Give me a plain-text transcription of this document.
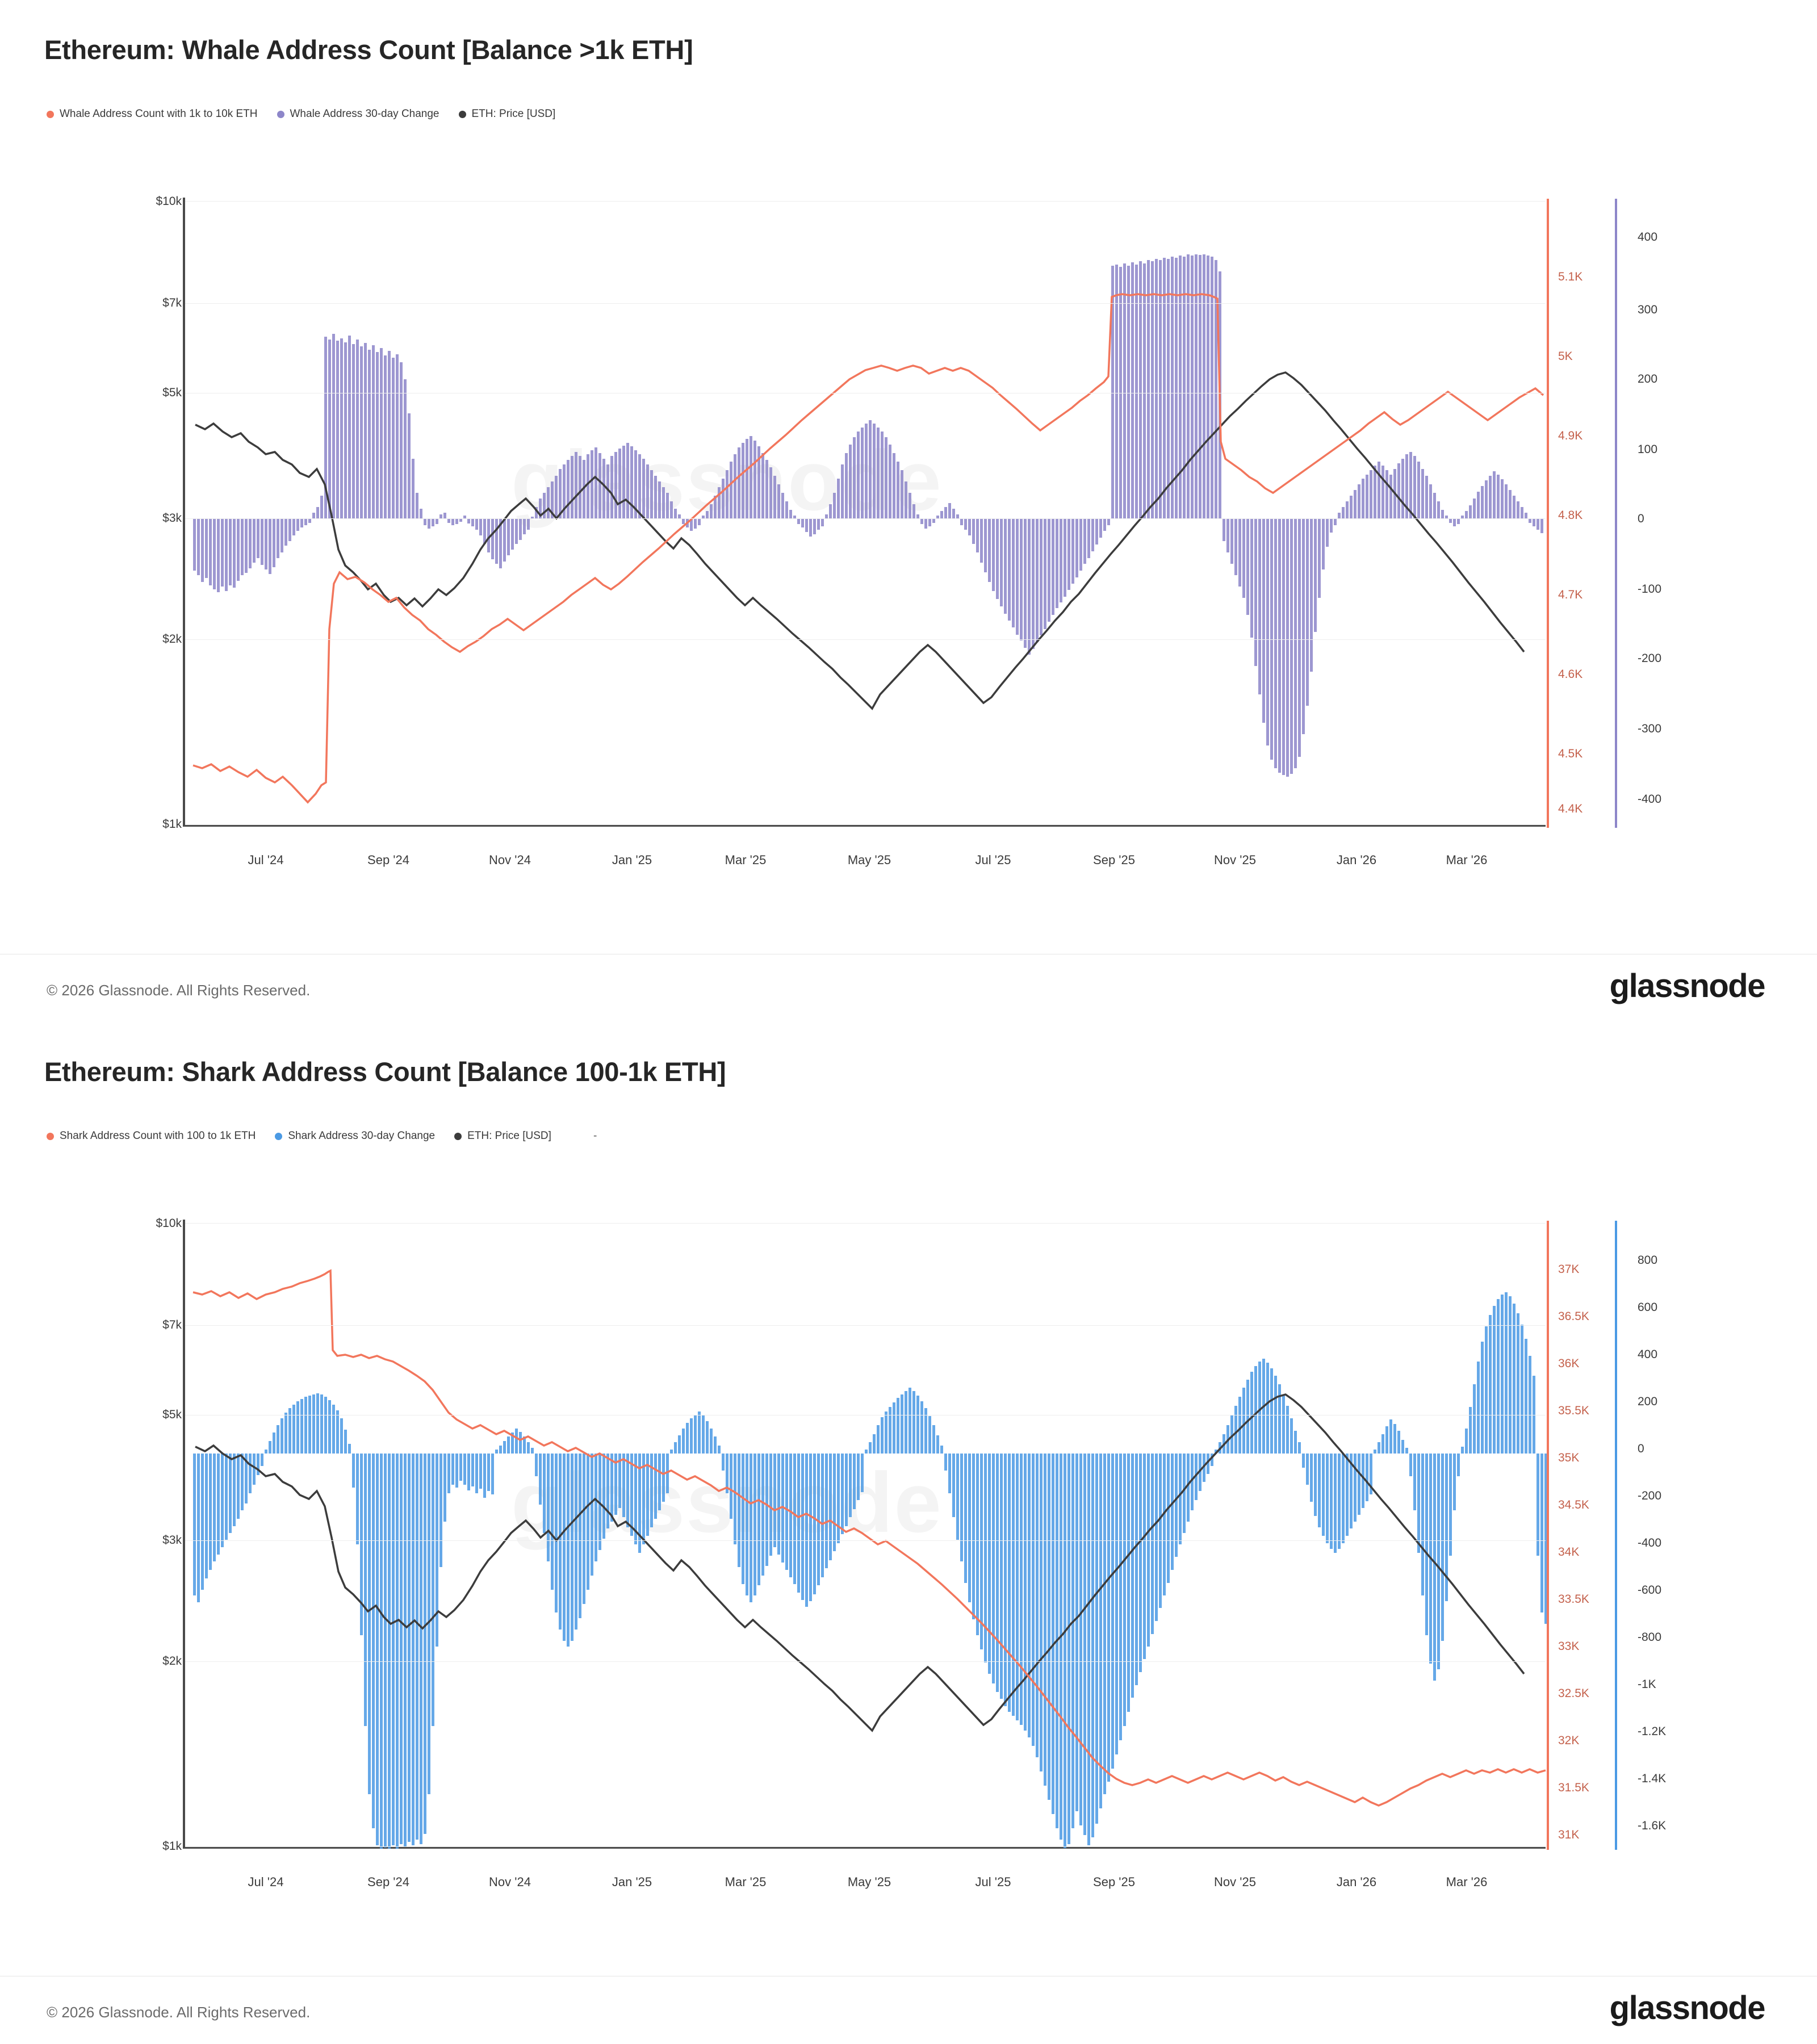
Ethereum: Whale Address Count [Balance >1k ETH]
Whale Address Count with 1k to 10k ETH	Whale Address 30-day Change	ETH: Price [USD]
$10k
$7k
$5k
$3k
$2k
$1k
5.1K
5K
4.9K
4.8K
4.7K
4.6K
4.5K
4.4K
400
300
200
100
0
-100
-200
-300
-400
Jul '24	Sep '24	Nov '24	Jan '25	Mar '25	May '25	Jul '25	Sep '25	Nov '25	Jan '26	Mar '26
© 2026 Glassnode. All Rights Reserved.	glassnode
Ethereum: Shark Address Count [Balance 100-1k ETH]
Shark Address Count with 100 to 1k ETH	Shark Address 30-day Change	ETH: Price [USD]	-
$10k
$7k
$5k
$3k
$2k
$1k
37K
36.5K
36K
35.5K
35K
34.5K
34K
33.5K
33K
32.5K
32K
31.5K
31K
800
600
400
200
0
-200
-400
-600
-800
-1K
-1.2K
-1.4K
-1.6K
Jul '24	Sep '24	Nov '24	Jan '25	Mar '25	May '25	Jul '25	Sep '25	Nov '25	Jan '26	Mar '26
© 2026 Glassnode. All Rights Reserved.	glassnode
